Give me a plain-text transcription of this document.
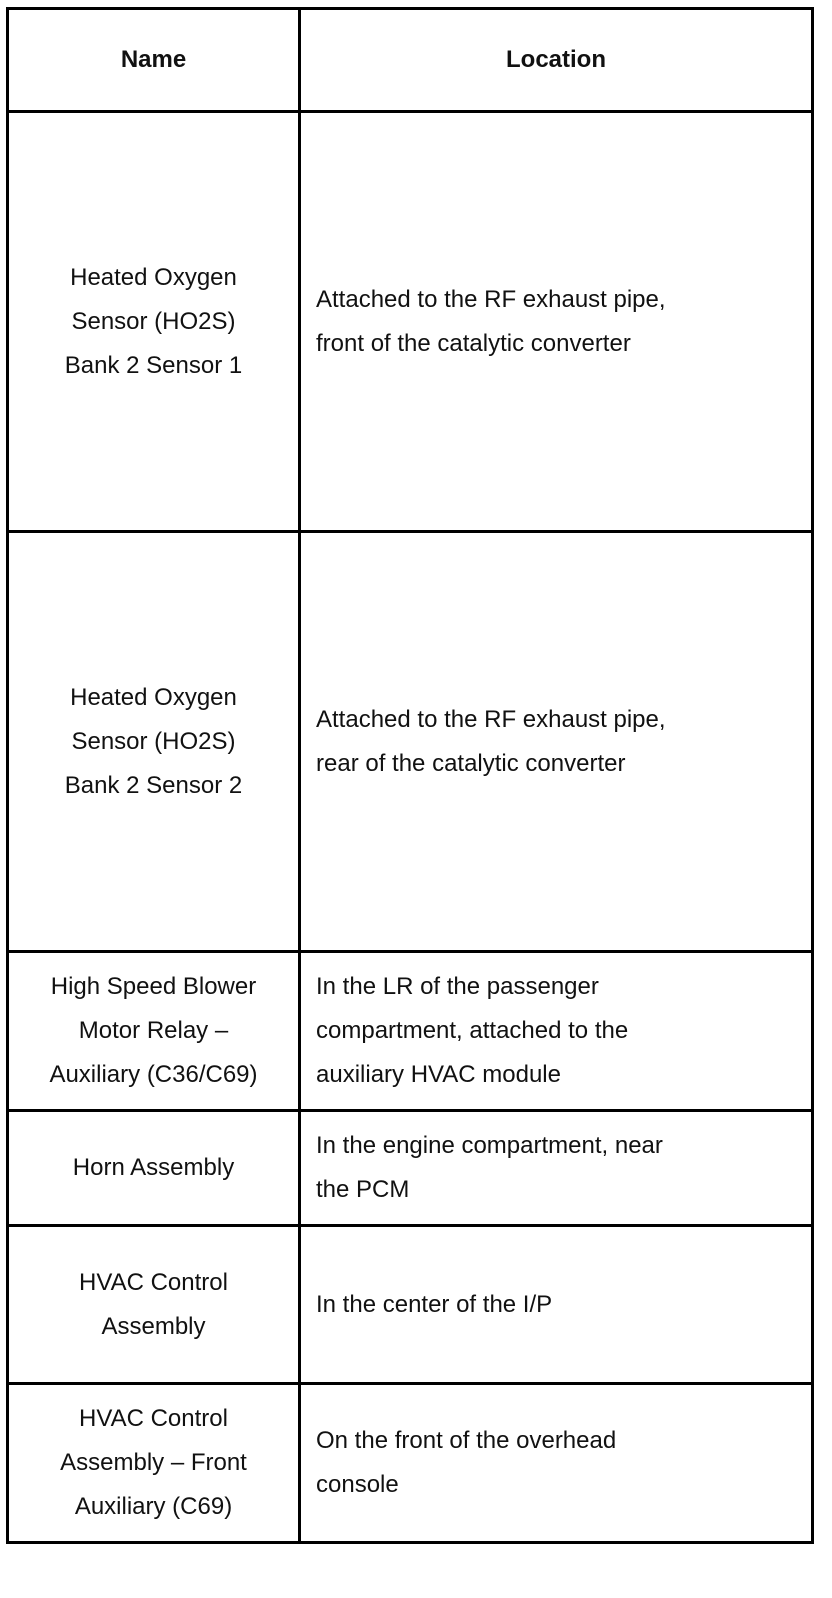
Name	Location

Heated Oxygen
Sensor (HO2S)
Bank 2 Sensor 1	Attached to the RF exhaust pipe,
front of the catalytic converter

Heated Oxygen
Sensor (HO2S)
Bank 2 Sensor 2	Attached to the RF exhaust pipe,
rear of the catalytic converter

High Speed Blower
Motor Relay –
Auxiliary (C36/C69)	In the LR of the passenger
compartment, attached to the
auxiliary HVAC module

Horn Assembly	In the engine compartment, near
the PCM

HVAC Control
Assembly	In the center of the I/P

HVAC Control
Assembly – Front
Auxiliary (C69)	On the front of the overhead
console
